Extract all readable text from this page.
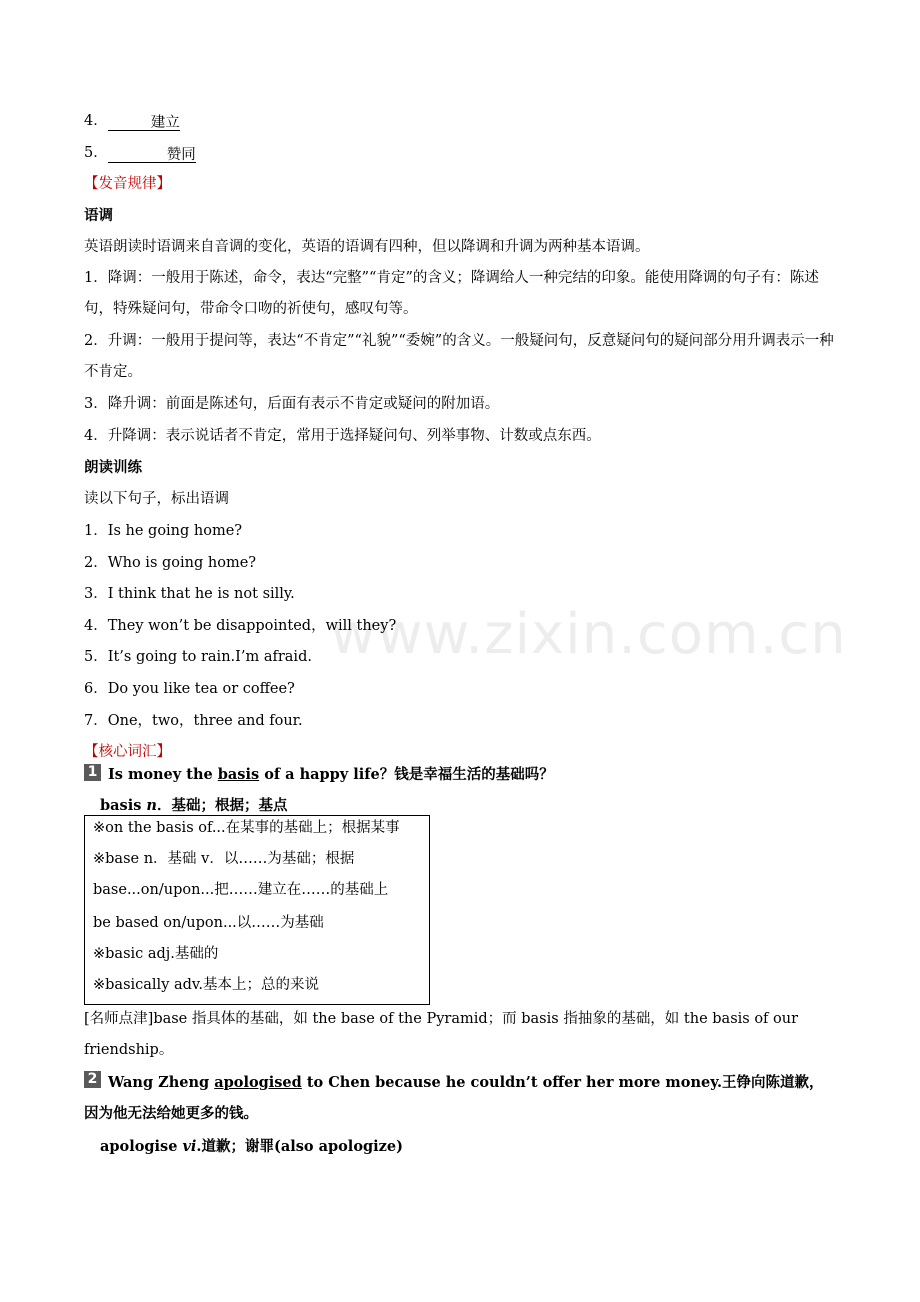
www.zixin.com.cn
4．	建立
5．	赞同
【发音规律】
语调
英语朗读时语调来自音调的变化，英语的语调有四种，但以降调和升调为两种基本语调。
1．降调：一般用于陈述，命令，表达“完整”“肯定”的含义；降调给人一种完结的印象。能使用降调的句子有：陈述句，特殊疑问句，带命令口吻的祈使句，感叹句等。
2．升调：一般用于提问等，表达“不肯定”“礼貌”“委婉”的含义。一般疑问句，反意疑问句的疑问部分用升调表示一种不肯定。
3．降升调：前面是陈述句，后面有表示不肯定或疑问的附加语。
4．升降调：表示说话者不肯定，常用于选择疑问句、列举事物、计数或点东西。
朗读训练
读以下句子，标出语调
1．Is he going home?
2．Who is going home?
3．I think that he is not silly.
4．They won’t be disappointed，will they?
5．It’s going to rain.I’m afraid.
6．Do you like tea or coffee?
7．One，two，three and four.
【核心词汇】
1 Is money the basis of a happy life？钱是幸福生活的基础吗？
basis n．基础；根据；基点
※on the basis of...在某事的基础上；根据某事
※base n．基础 v．以……为基础；根据
base...on/upon...把……建立在……的基础上
be based on/upon...以……为基础
※basic adj.基础的
※basically adv.基本上；总的来说
[名师点津]base 指具体的基础，如 the base of the Pyramid；而 basis 指抽象的基础，如 the basis of our friendship。
2 Wang Zheng apologised to Chen because he couldn’t offer her more money.王铮向陈道歉，因为他无法给她更多的钱。
apologise vi.道歉；谢罪(also apologize)
